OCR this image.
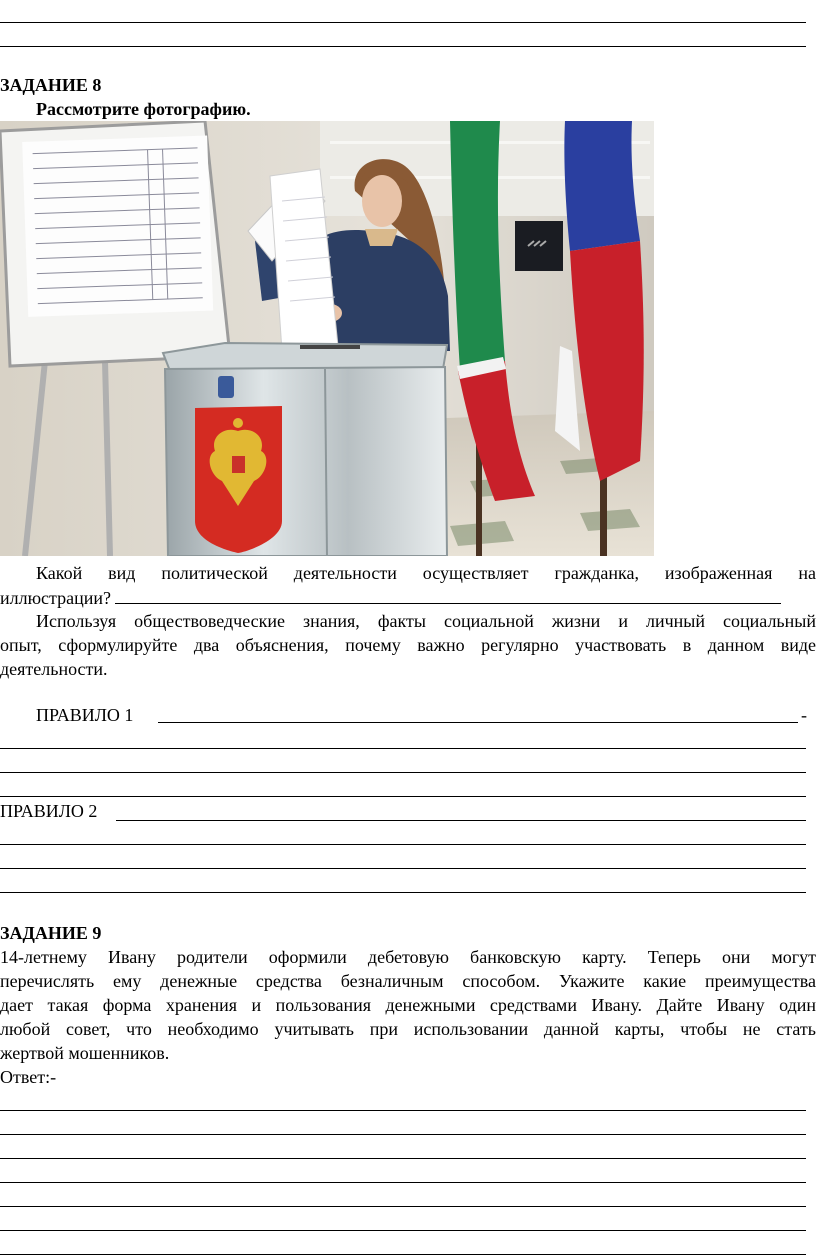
ЗАДАНИЕ 8
Рассмотрите фотографию.
Какой вид политической деятельности осуществляет гражданка, изображенная на
иллюстрации?
Используя обществоведческие знания, факты социальной жизни и личный социальный
опыт, сформулируйте два объяснения, почему важно регулярно участвовать в данном виде
деятельности.
ПРАВИЛО 1	-
ПРАВИЛО 2
ЗАДАНИЕ 9
14-летнему Ивану родители оформили дебетовую банковскую карту. Теперь они могут
перечислять ему денежные средства безналичным способом. Укажите какие преимущества
дает такая форма хранения и пользования денежными средствами Ивану. Дайте Ивану один
любой совет, что необходимо учитывать при использовании данной карты, чтобы не стать
жертвой мошенников.
Ответ:-
